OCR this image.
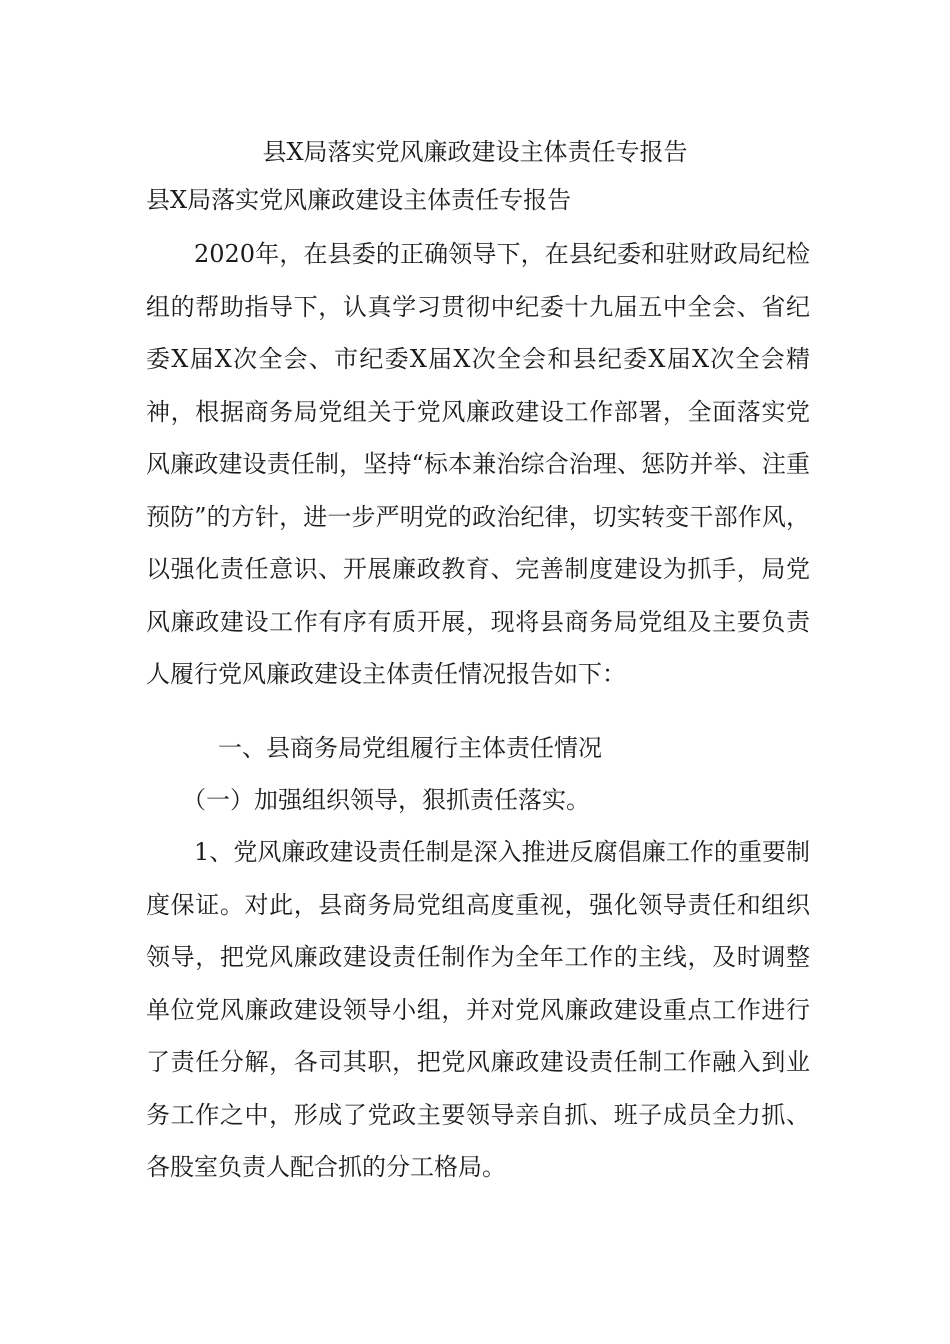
县X局落实党风廉政建设主体责任专报告

县X局落实党风廉政建设主体责任专报告

2020年，在县委的正确领导下，在县纪委和驻财政局纪检组的帮助指导下，认真学习贯彻中纪委十九届五中全会、省纪委X届X次全会、市纪委X届X次全会和县纪委X届X次全会精神，根据商务局党组关于党风廉政建设工作部署，全面落实党风廉政建设责任制，坚持“标本兼治综合治理、惩防并举、注重预防”的方针，进一步严明党的政治纪律，切实转变干部作风，以强化责任意识、开展廉政教育、完善制度建设为抓手，局党风廉政建设工作有序有质开展，现将县商务局党组及主要负责人履行党风廉政建设主体责任情况报告如下：

一、县商务局党组履行主体责任情况
（一）加强组织领导，狠抓责任落实。

1、党风廉政建设责任制是深入推进反腐倡廉工作的重要制度保证。对此，县商务局党组高度重视，强化领导责任和组织领导，把党风廉政建设责任制作为全年工作的主线，及时调整单位党风廉政建设领导小组，并对党风廉政建设重点工作进行了责任分解，各司其职，把党风廉政建设责任制工作融入到业务工作之中，形成了党政主要领导亲自抓、班子成员全力抓、各股室负责人配合抓的分工格局。
